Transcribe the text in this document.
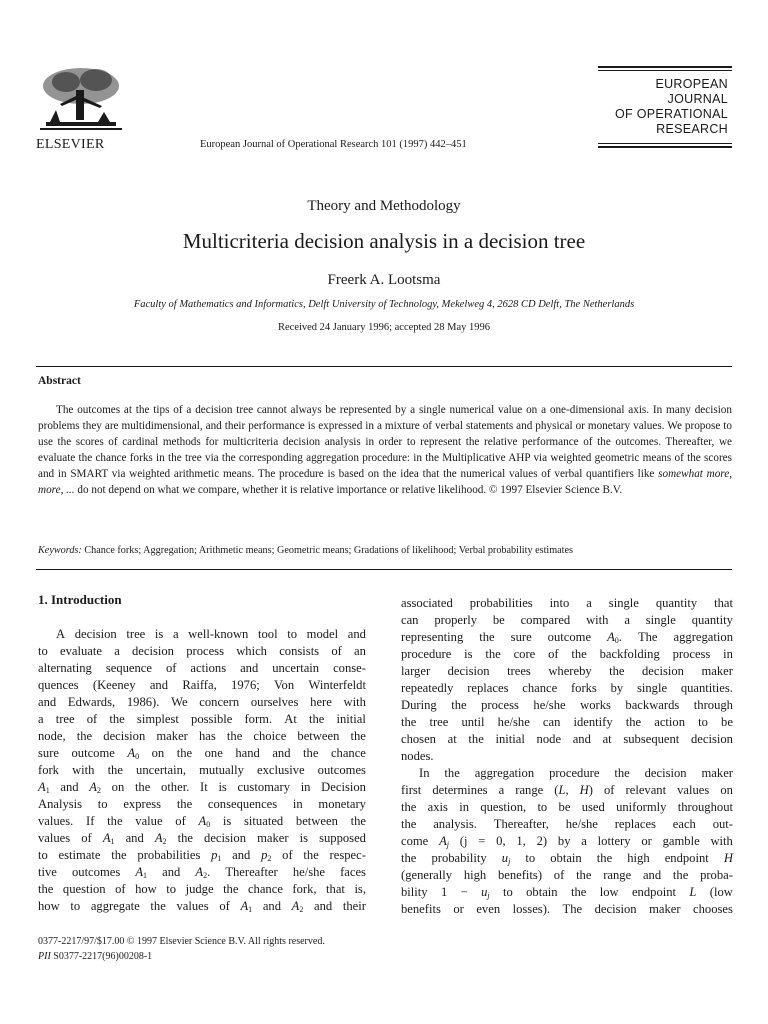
ELSEVIER	European Journal of Operational Research 101 (1997) 442–451
EUROPEAN
JOURNAL
OF OPERATIONAL
RESEARCH
Theory and Methodology
Multicriteria decision analysis in a decision tree
Freerk A. Lootsma
Faculty of Mathematics and Informatics, Delft University of Technology, Mekelweg 4, 2628 CD Delft, The Netherlands
Received 24 January 1996; accepted 28 May 1996
Abstract
The outcomes at the tips of a decision tree cannot always be represented by a single numerical value on a one-dimensional axis. In many decision problems they are multidimensional, and their performance is expressed in a mixture of verbal statements and physical or monetary values. We propose to use the scores of cardinal methods for multicriteria decision analysis in order to represent the relative performance of the outcomes. Thereafter, we evaluate the chance forks in the tree via the corresponding aggregation procedure: in the Multiplicative AHP via weighted geometric means of the scores and in SMART via weighted arithmetic means. The procedure is based on the idea that the numerical values of verbal quantifiers like somewhat more, more, ... do not depend on what we compare, whether it is relative importance or relative likelihood. © 1997 Elsevier Science B.V.
Keywords: Chance forks; Aggregation; Arithmetic means; Geometric means; Gradations of likelihood; Verbal probability estimates
1. Introduction
A decision tree is a well-known tool to model and
to evaluate a decision process which consists of an
alternating sequence of actions and uncertain conse-
quences (Keeney and Raiffa, 1976; Von Winterfeldt
and Edwards, 1986). We concern ourselves here with
a tree of the simplest possible form. At the initial
node, the decision maker has the choice between the
sure outcome $A_0$ on the one hand and the chance
fork with the uncertain, mutually exclusive outcomes
$A_1$ and $A_2$ on the other. It is customary in Decision
Analysis to express the consequences in monetary
values. If the value of $A_0$ is situated between the
values of $A_1$ and $A_2$ the decision maker is supposed
to estimate the probabilities $p_1$ and $p_2$ of the respec-
tive outcomes $A_1$ and $A_2$. Thereafter he/she faces
the question of how to judge the chance fork, that is,
how to aggregate the values of $A_1$ and $A_2$ and their
associated probabilities into a single quantity that
can properly be compared with a single quantity
representing the sure outcome $A_0$. The aggregation
procedure is the core of the backfolding process in
larger decision trees whereby the decision maker
repeatedly replaces chance forks by single quantities.
During the process he/she works backwards through
the tree until he/she can identify the action to be
chosen at the initial node and at subsequent decision
nodes.
In the aggregation procedure the decision maker
first determines a range (L, H) of relevant values on
the axis in question, to be used uniformly throughout
the analysis. Thereafter, he/she replaces each out-
come $A_j$ (j = 0, 1, 2) by a lottery or gamble with
the probability $u_j$ to obtain the high endpoint H
(generally high benefits) of the range and the proba-
bility $1 - u_j$ to obtain the low endpoint L (low
benefits or even losses). The decision maker chooses
0377-2217/97/$17.00 © 1997 Elsevier Science B.V. All rights reserved.
PII S0377-2217(96)00208-1
